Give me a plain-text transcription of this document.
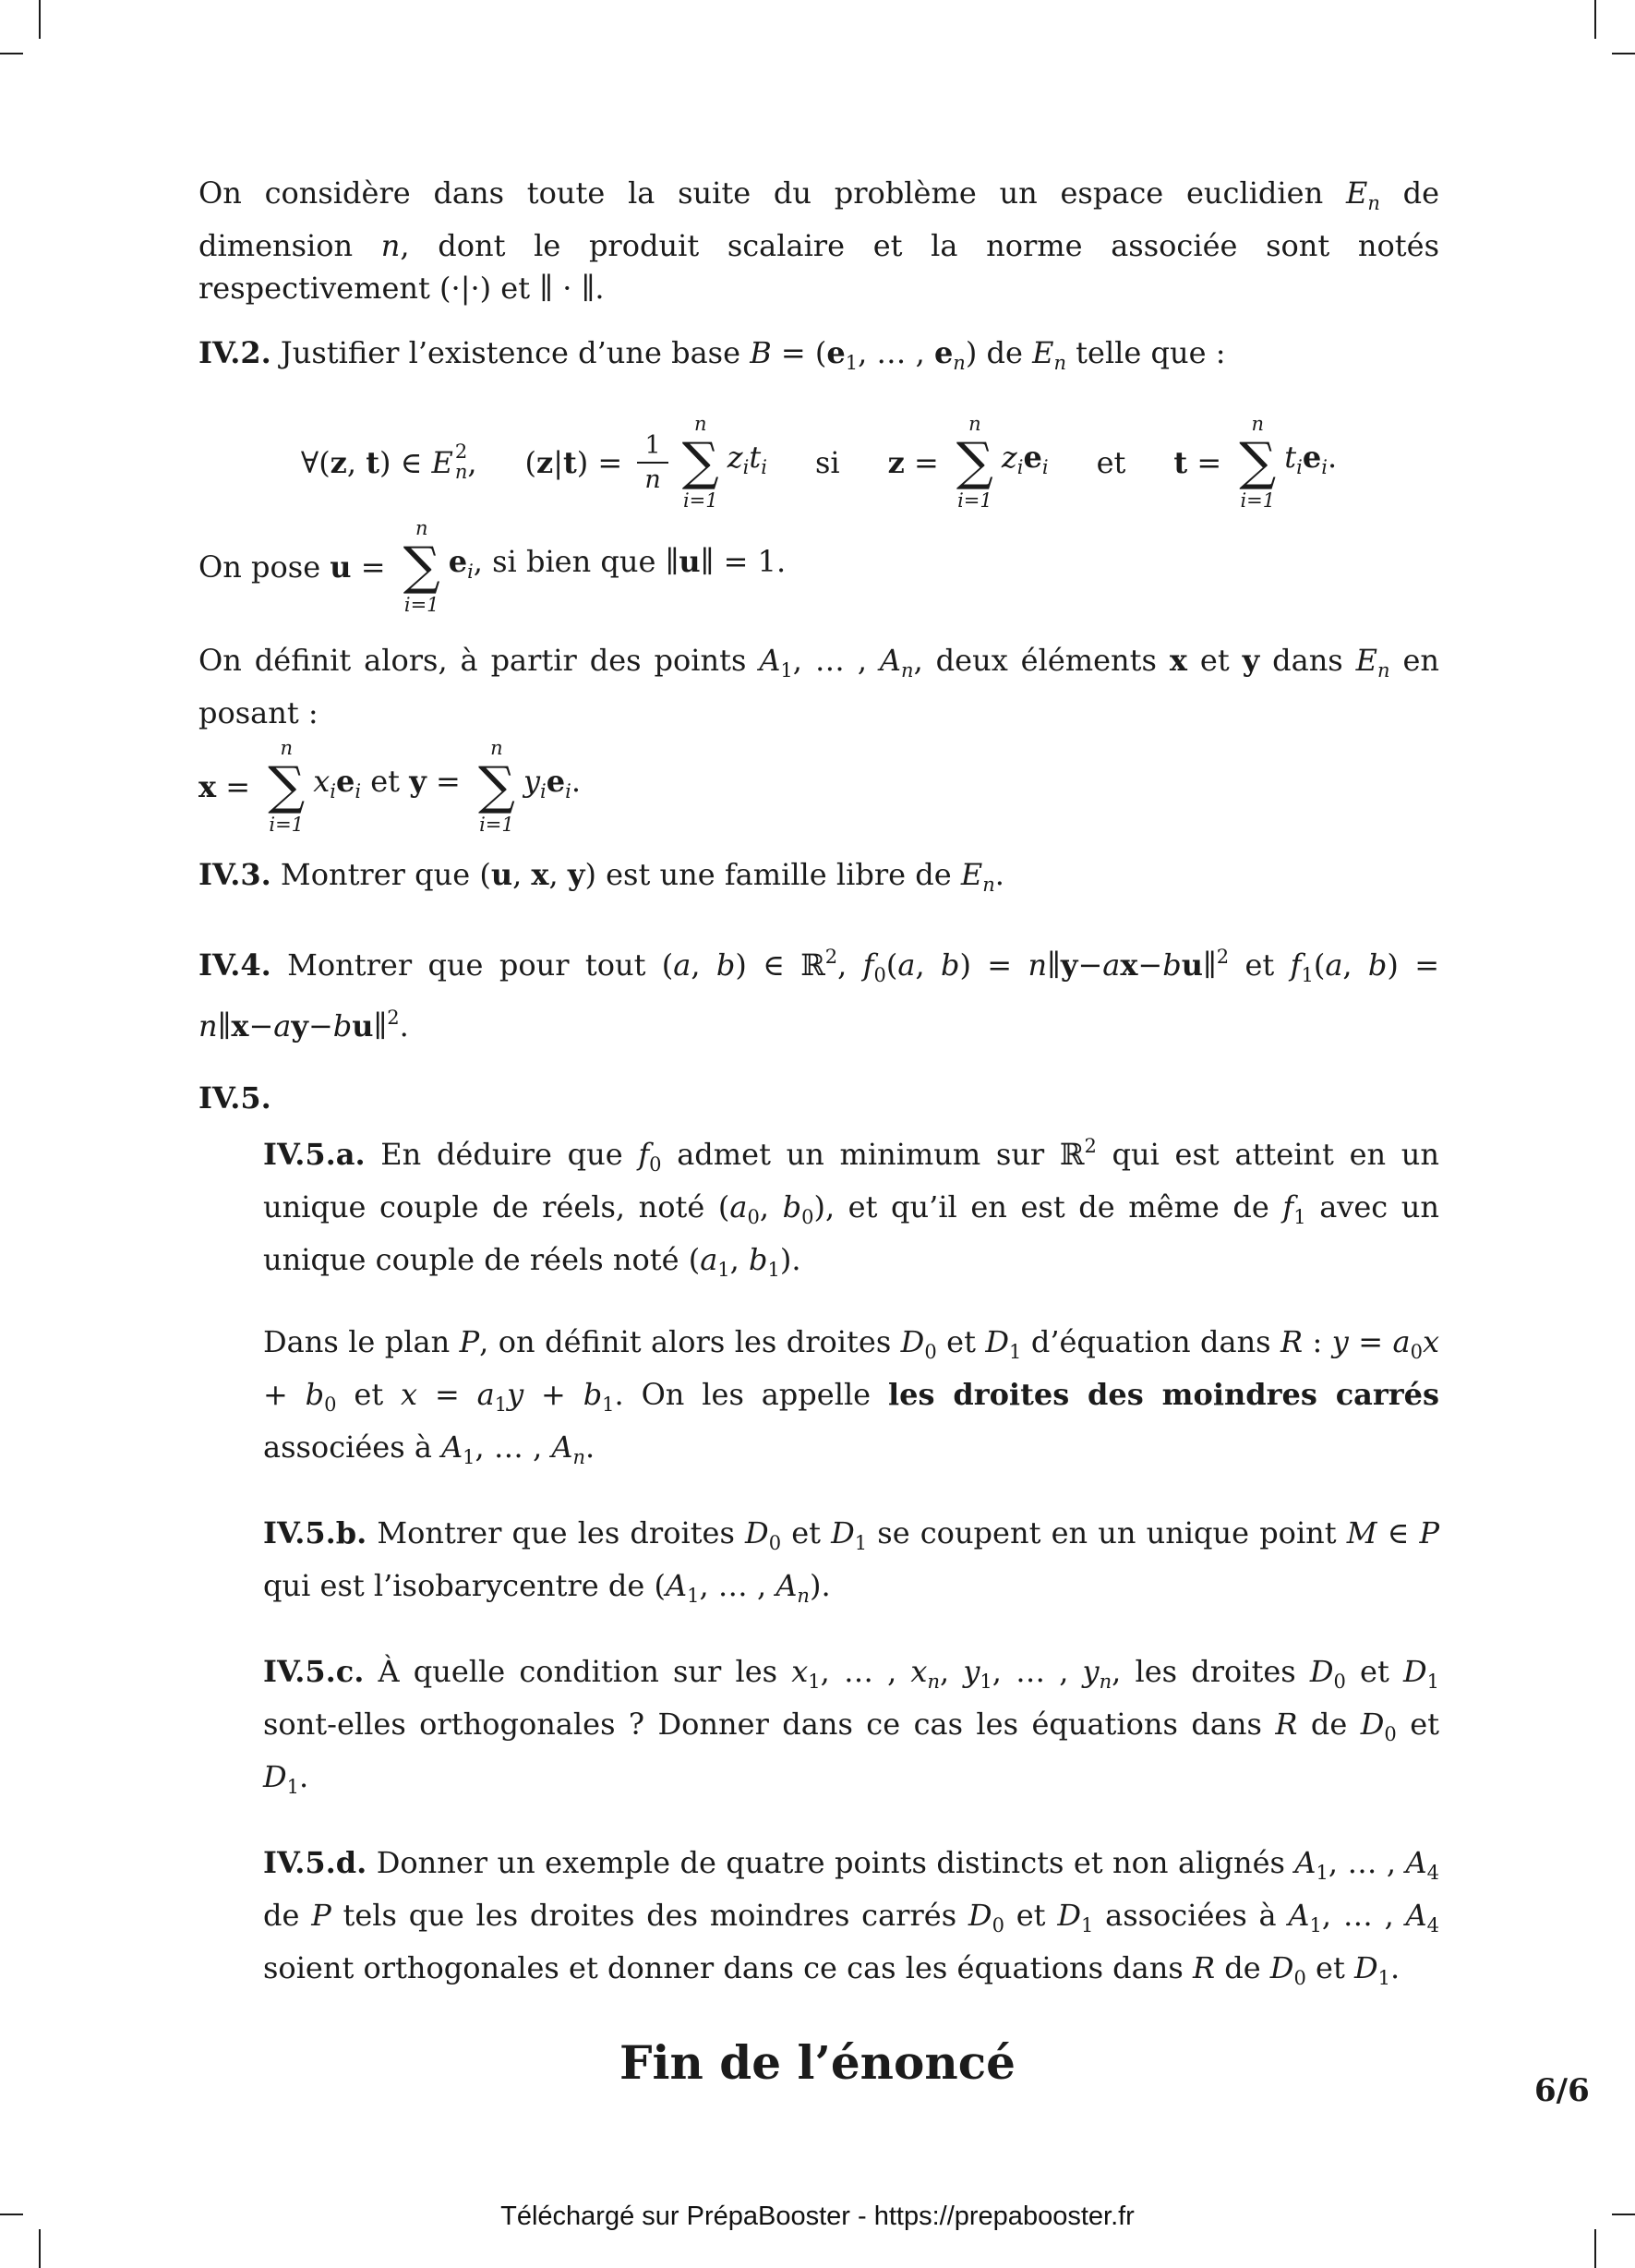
On considère dans toute la suite du problème un espace euclidien $E_n$ de dimension n, dont le produit scalaire et la norme associée sont notés respectivement (·|·) et ∥ · ∥.

IV.2. Justifier l’existence d’une base $B = (e_1$, … , $e_n$) de $E_n$ telle que :

∀(z, t) ∈ E 2
n , $(z|t) = \frac{1}{n}$
n
∑
i=1
$z_it_i$ si z =
n
∑
i=1
$z_ie_i$ et t =
n
∑
i=1
$t_ie_i$.
On pose u =
n
∑
i=1
$e_i$, si bien que ∥u∥ = 1.

On définit alors, à partir des points $A_1$, … , $A_n$, deux éléments x et y dans $E_n$ en posant :

x =
n
∑
i=1
$x_ie_i$ et y =
n
∑
i=1
$y_ie_i$.

IV.3. Montrer que (u, x, y) est une famille libre de $E_n$.

IV.4. Montrer que pour tout (a, b) ∈ ℝ$^2$, $f_0(a$, b) = n∥y−ax−bu∥$^2$ et $f_1(a$, b) = n∥x−ay−bu∥$^2$.

IV.5.

IV.5.a. En déduire que $f_0$ admet un minimum sur ℝ$^2$ qui est atteint en un unique couple de réels, noté ($a_0$, $b_0$), et qu’il en est de même de $f_1$ avec un unique couple de réels noté ($a_1$, $b_1$).

Dans le plan P, on définit alors les droites $D_0$ et $D_1$ d’équation dans R : $y = a_0x + b_0$ et $x = a_1y + b_1$. On les appelle les droites des moindres carrés associées à $A_1$, … , $A_n$.

IV.5.b. Montrer que les droites $D_0$ et $D_1$ se coupent en un unique point M ∈ P qui est l’isobarycentre de ($A_1$, … , $A_n$).

IV.5.c. À quelle condition sur les $x_1$, … , $x_n$, $y_1$, … , $y_n$, les droites $D_0$ et $D_1$ sont-elles orthogonales ? Donner dans ce cas les équations dans R de $D_0$ et $D_1$.

IV.5.d. Donner un exemple de quatre points distincts et non alignés $A_1$, … , $A_4$ de P tels que les droites des moindres carrés $D_0$ et $D_1$ associées à $A_1$, … , $A_4$ soient orthogonales et donner dans ce cas les équations dans R de $D_0$ et $D_1$.

Fin de l’énoncé
6/6
Téléchargé sur PrépaBooster - https://prepabooster.fr
